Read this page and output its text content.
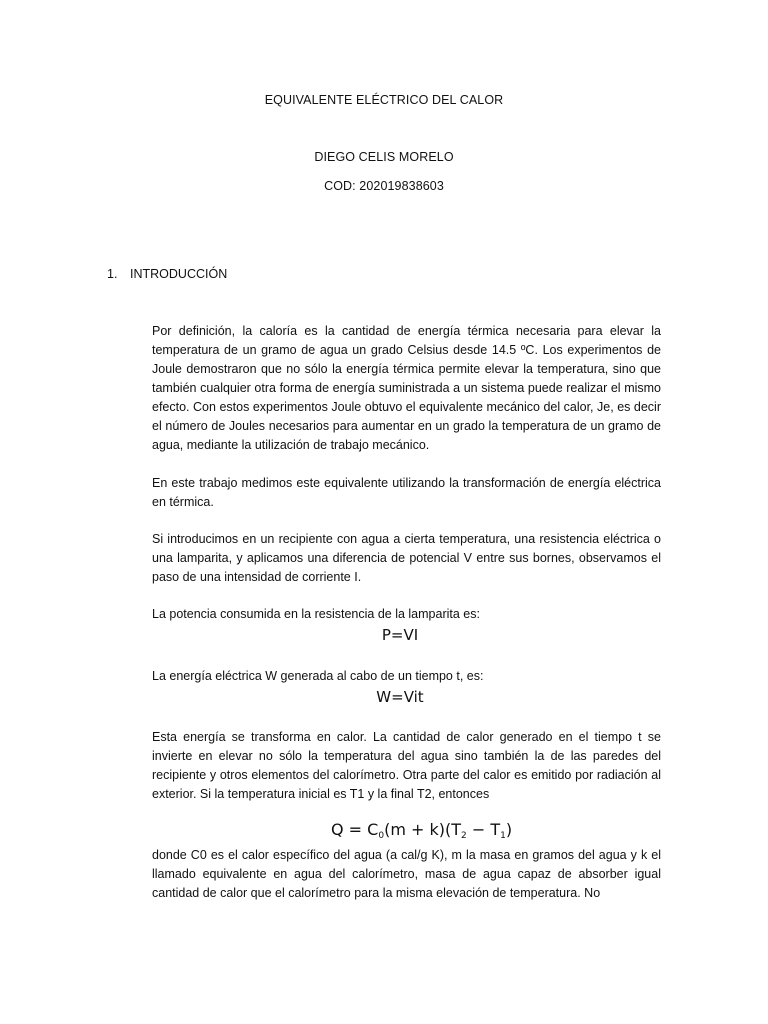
EQUIVALENTE ELÉCTRICO DEL CALOR
DIEGO CELIS MORELO
COD: 202019838603
1. INTRODUCCIÓN

Por definición, la caloría es la cantidad de energía térmica necesaria para elevar la temperatura de un gramo de agua un grado Celsius desde 14.5 ºC. Los experimentos de Joule demostraron que no sólo la energía térmica permite elevar la temperatura, sino que también cualquier otra forma de energía suministrada a un sistema puede realizar el mismo efecto. Con estos experimentos Joule obtuvo el equivalente mecánico del calor, Je, es decir el número de Joules necesarios para aumentar en un grado la temperatura de un gramo de agua, mediante la utilización de trabajo mecánico.

En este trabajo medimos este equivalente utilizando la transformación de energía eléctrica en térmica.

Si introducimos en un recipiente con agua a cierta temperatura, una resistencia eléctrica o una lamparita, y aplicamos una diferencia de potencial V entre sus bornes, observamos el paso de una intensidad de corriente I.

La potencia consumida en la resistencia de la lamparita es:

P=VI

La energía eléctrica W generada al cabo de un tiempo t, es:

W=Vit

Esta energía se transforma en calor. La cantidad de calor generado en el tiempo t se invierte en elevar no sólo la temperatura del agua sino también la de las paredes del recipiente y otros elementos del calorímetro. Otra parte del calor es emitido por radiación al exterior. Si la temperatura inicial es T1 y la final T2, entonces

$Q = C_0(m + k)(T_2 - T_1)$

donde C0 es el calor específico del agua (a cal/g K), m la masa en gramos del agua y k el llamado equivalente en agua del calorímetro, masa de agua capaz de absorber igual cantidad de calor que el calorímetro para la misma elevación de temperatura. No
